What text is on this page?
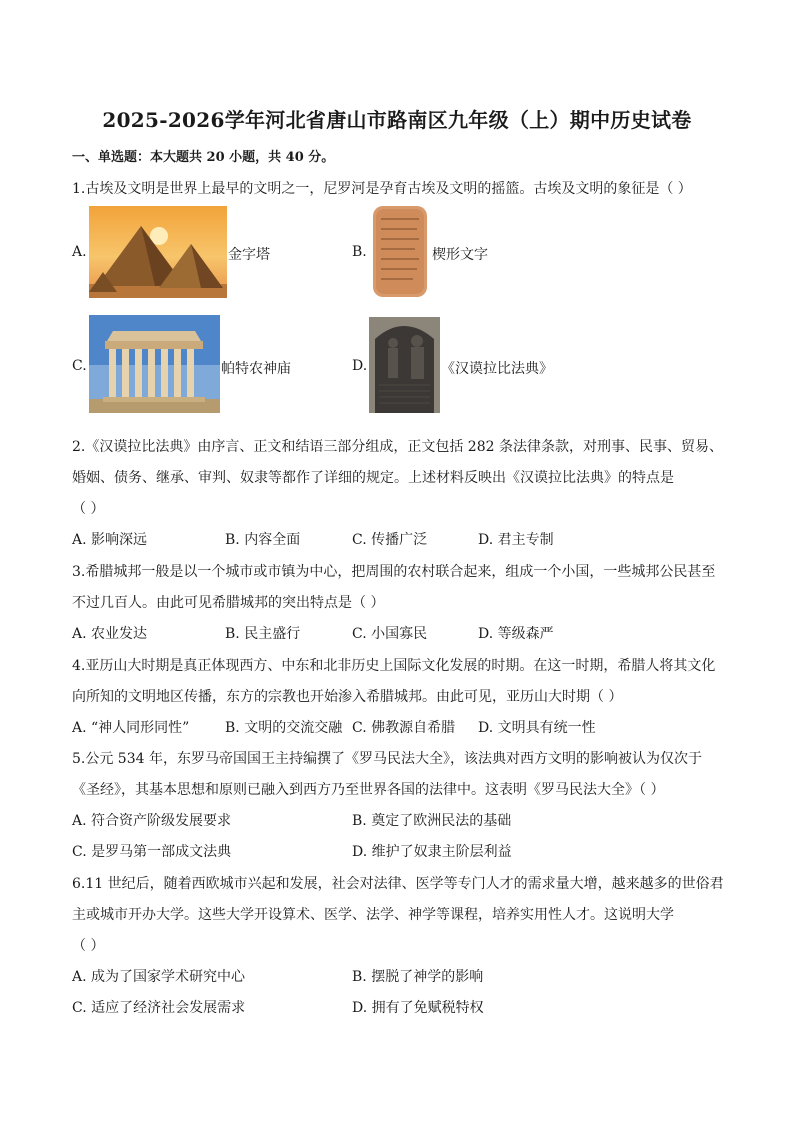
2025-2026学年河北省唐山市路南区九年级（上）期中历史试卷
一、单选题：本大题共 20 小题，共 40 分。
1.古埃及文明是世界上最早的文明之一，尼罗河是孕育古埃及文明的摇篮。古埃及文明的象征是（ ）
A.	金字塔	B.	楔形文字
C.	帕特农神庙	D.	《汉谟拉比法典》
2.《汉谟拉比法典》由序言、正文和结语三部分组成，正文包括 282 条法律条款，对刑事、民事、贸易、
婚姻、债务、继承、审判、奴隶等都作了详细的规定。上述材料反映出《汉谟拉比法典》的特点是
（ ）
A. 影响深远	B. 内容全面	C. 传播广泛	D. 君主专制
3.希腊城邦一般是以一个城市或市镇为中心，把周围的农村联合起来，组成一个小国，一些城邦公民甚至
不过几百人。由此可见希腊城邦的突出特点是（ ）
A. 农业发达	B. 民主盛行	C. 小国寡民	D. 等级森严
4.亚历山大时期是真正体现西方、中东和北非历史上国际文化发展的时期。在这一时期，希腊人将其文化
向所知的文明地区传播，东方的宗教也开始渗入希腊城邦。由此可见，亚历山大时期（ ）
A. “神人同形同性”	B. 文明的交流交融 C. 佛教源自希腊 D. 文明具有统一性
5.公元 534 年，东罗马帝国国王主持编撰了《罗马民法大全》，该法典对西方文明的影响被认为仅次于
《圣经》，其基本思想和原则已融入到西方乃至世界各国的法律中。这表明《罗马民法大全》（ ）
A. 符合资产阶级发展要求	B. 奠定了欧洲民法的基础
C. 是罗马第一部成文法典	D. 维护了奴隶主阶层利益
6.11 世纪后，随着西欧城市兴起和发展，社会对法律、医学等专门人才的需求量大增，越来越多的世俗君
主或城市开办大学。这些大学开设算术、医学、法学、神学等课程，培养实用性人才。这说明大学
（ ）
A. 成为了国家学术研究中心	B. 摆脱了神学的影响
C. 适应了经济社会发展需求	D. 拥有了免赋税特权
